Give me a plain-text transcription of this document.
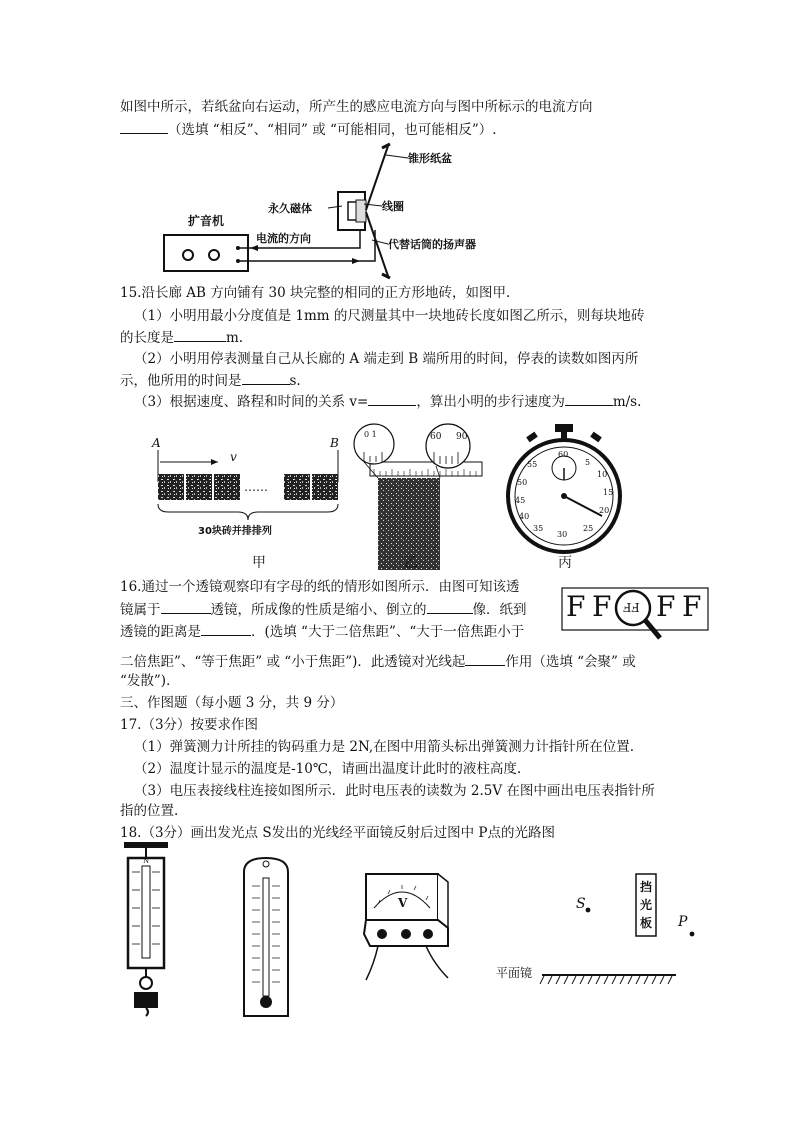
如图中所示，若纸盆向右运动，所产生的感应电流方向与图中所标示的电流方向
（选填 “相反”、“相同” 或 “可能相同，也可能相反”）.
锥形纸盆
永久磁体	线圈
扩音机
电流的方向	代替话筒的扬声器
15.沿长廊 AB 方向铺有 30 块完整的相同的正方形地砖，如图甲.
（1）小明用最小分度值是 1mm 的尺测量其中一块地砖长度如图乙所示，则每块地砖
的长度是	m.
（2）小明用停表测量自己从长廊的 A 端走到 B 端所用的时间，停表的读数如图丙所
示，他所用的时间是	s.
（3）根据速度、路程和时间的关系 v=	，算出小明的步行速度为	m/s.
A	B
v
……
30块砖并排排列
0 1	60 90
60
55
50
45
40
35
30
25
20
15
10
5
甲	乙	丙
16.通过一个透镜观察印有字母的纸的情形如图所示．由图可知该透
镜属于	透镜，所成像的性质是缩小、倒立的	像．纸到
透镜的距离是	．(选填 “大于二倍焦距”、“大于一倍焦距小于
二倍焦距”、“等于焦距” 或 “小于焦距”)．此透镜对光线起	作用（选填 “会聚” 或
“发散”)．
F F FF F F
三、作图题（每小题 3 分，共 9 分）
17.（3分）按要求作图
（1）弹簧测力计所挂的钩码重力是 2N,在图中用箭头标出弹簧测力计指针所在位置.
（2）温度计显示的温度是-10℃，请画出温度计此时的液柱高度.
（3）电压表接线柱连接如图所示．此时电压表的读数为 2.5V 在图中画出电压表指针所
指的位置.
18.（3分）画出发光点 S发出的光线经平面镜反射后过图中 P点的光路图
N
V	S
P
挡
光
板
平面镜
